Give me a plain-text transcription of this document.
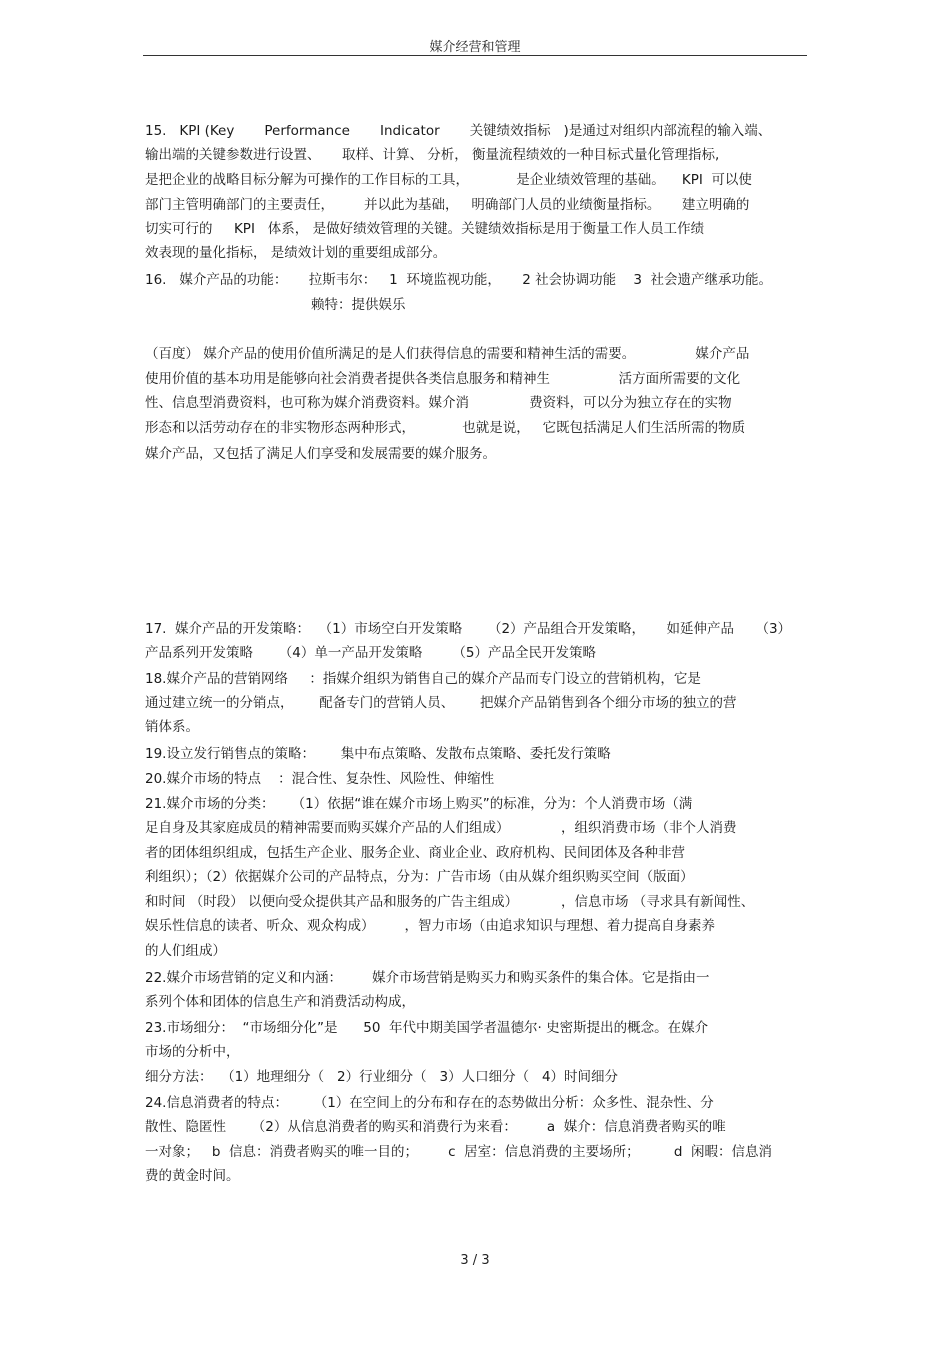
媒介经营和管理
15.   KPI (Key       Performance       Indicator       关键绩效指标   )是通过对组织内部流程的输入端、
输出端的关键参数进行设置、     取样、计算、 分析， 衡量流程绩效的一种目标式量化管理指标,
是把企业的战略目标分解为可操作的工作目标的工具，           是企业绩效管理的基础。    KPI  可以使
部门主管明确部门的主要责任，       并以此为基础，   明确部门人员的业绩衡量指标。     建立明确的
切实可行的     KPI   体系， 是做好绩效管理的关键。关键绩效指标是用于衡量工作人员工作绩
效表现的量化指标， 是绩效计划的重要组成部分。
16.   媒介产品的功能：     拉斯韦尔：   1  环境监视功能，     2 社会协调功能    3  社会遗产继承功能。
赖特：提供娱乐
（百度） 媒介产品的使用价值所满足的是人们获得信息的需要和精神生活的需要。              媒介产品
使用价值的基本功用是能够向社会消费者提供各类信息服务和精神生                活方面所需要的文化
性、信息型消费资料，也可称为媒介消费资料。媒介消              费资料，可以分为独立存在的实物
形态和以活劳动存在的非实物形态两种形式，           也就是说，   它既包括满足人们生活所需的物质
媒介产品，又包括了满足人们享受和发展需要的媒介服务。
17.  媒介产品的开发策略：  （1）市场空白开发策略      （2）产品组合开发策略，     如延伸产品     （3）
产品系列开发策略      （4）单一产品开发策略       （5）产品全民开发策略
18.媒介产品的营销网络     ：指媒介组织为销售自己的媒介产品而专门设立的营销机构，它是
通过建立统一的分销点，      配备专门的营销人员、      把媒介产品销售到各个细分市场的独立的营
销体系。
19.设立发行销售点的策略：      集中布点策略、发散布点策略、委托发行策略
20.媒介市场的特点    ：混合性、复杂性、风险性、伸缩性
21.媒介市场的分类：    （1）依据“谁在媒介市场上购买”的标准，分为：个人消费市场（满
足自身及其家庭成员的精神需要而购买媒介产品的人们组成）            ，组织消费市场（非个人消费
者的团体组织组成，包括生产企业、服务企业、商业企业、政府机构、民间团体及各种非营
利组织）；（2）依据媒介公司的产品特点，分为：广告市场（由从媒介组织购买空间（版面）
和时间 （时段） 以便向受众提供其产品和服务的广告主组成）          ，信息市场 （寻求具有新闻性、
娱乐性信息的读者、听众、观众构成）       ，智力市场（由追求知识与理想、着力提高自身素养
的人们组成）
22.媒介市场营销的定义和内涵：       媒介市场营销是购买力和购买条件的集合体。它是指由一
系列个体和团体的信息生产和消费活动构成，
23.市场细分：  “市场细分化”是      50  年代中期美国学者温德尔· 史密斯提出的概念。在媒介
市场的分析中，
细分方法：  （1）地理细分（   2）行业细分（   3）人口细分（   4）时间细分
24.信息消费者的特点：      （1）在空间上的分布和存在的态势做出分析：众多性、混杂性、分
散性、隐匿性      （2）从信息消费者的购买和消费行为来看：       a  媒介：信息消费者购买的唯
一对象；   b  信息：消费者购买的唯一目的；       c  居室：信息消费的主要场所；        d  闲暇：信息消
费的黄金时间。
3 / 3
